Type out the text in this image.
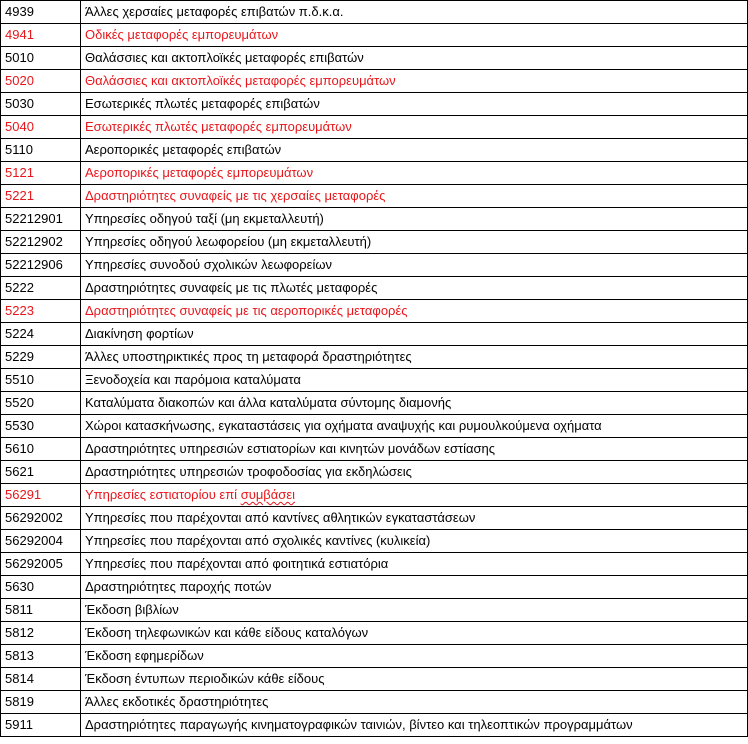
4939	Άλλες χερσαίες μεταφορές επιβατών π.δ.κ.α.
4941	Οδικές μεταφορές εμπορευμάτων
5010	Θαλάσσιες και ακτοπλοϊκές μεταφορές επιβατών
5020	Θαλάσσιες και ακτοπλοϊκές μεταφορές εμπορευμάτων
5030	Εσωτερικές πλωτές μεταφορές επιβατών
5040	Εσωτερικές πλωτές μεταφορές εμπορευμάτων
5110	Αεροπορικές μεταφορές επιβατών
5121	Αεροπορικές μεταφορές εμπορευμάτων
5221	Δραστηριότητες συναφείς με τις χερσαίες μεταφορές
52212901	Υπηρεσίες οδηγού ταξί (μη εκμεταλλευτή)
52212902	Υπηρεσίες οδηγού λεωφορείου (μη εκμεταλλευτή)
52212906	Υπηρεσίες συνοδού σχολικών λεωφορείων
5222	Δραστηριότητες συναφείς με τις πλωτές μεταφορές
5223	Δραστηριότητες συναφείς με τις αεροπορικές μεταφορές
5224	Διακίνηση φορτίων
5229	Άλλες υποστηρικτικές προς τη μεταφορά δραστηριότητες
5510	Ξενοδοχεία και παρόμοια καταλύματα
5520	Καταλύματα διακοπών και άλλα καταλύματα σύντομης διαμονής
5530	Χώροι κατασκήνωσης, εγκαταστάσεις για οχήματα αναψυχής και ρυμουλκούμενα οχήματα
5610	Δραστηριότητες υπηρεσιών εστιατορίων και κινητών μονάδων εστίασης
5621	Δραστηριότητες υπηρεσιών τροφοδοσίας για εκδηλώσεις
56291	Υπηρεσίες εστιατορίου επί συμβάσει
56292002	Υπηρεσίες που παρέχονται από καντίνες αθλητικών εγκαταστάσεων
56292004	Υπηρεσίες που παρέχονται από σχολικές καντίνες (κυλικεία)
56292005	Υπηρεσίες που παρέχονται από φοιτητικά εστιατόρια
5630	Δραστηριότητες παροχής ποτών
5811	Έκδοση βιβλίων
5812	Έκδοση τηλεφωνικών και κάθε είδους καταλόγων
5813	Έκδοση εφημερίδων
5814	Έκδοση έντυπων περιοδικών κάθε είδους
5819	Άλλες εκδοτικές δραστηριότητες
5911	Δραστηριότητες παραγωγής κινηματογραφικών ταινιών, βίντεο και τηλεοπτικών προγραμμάτων
